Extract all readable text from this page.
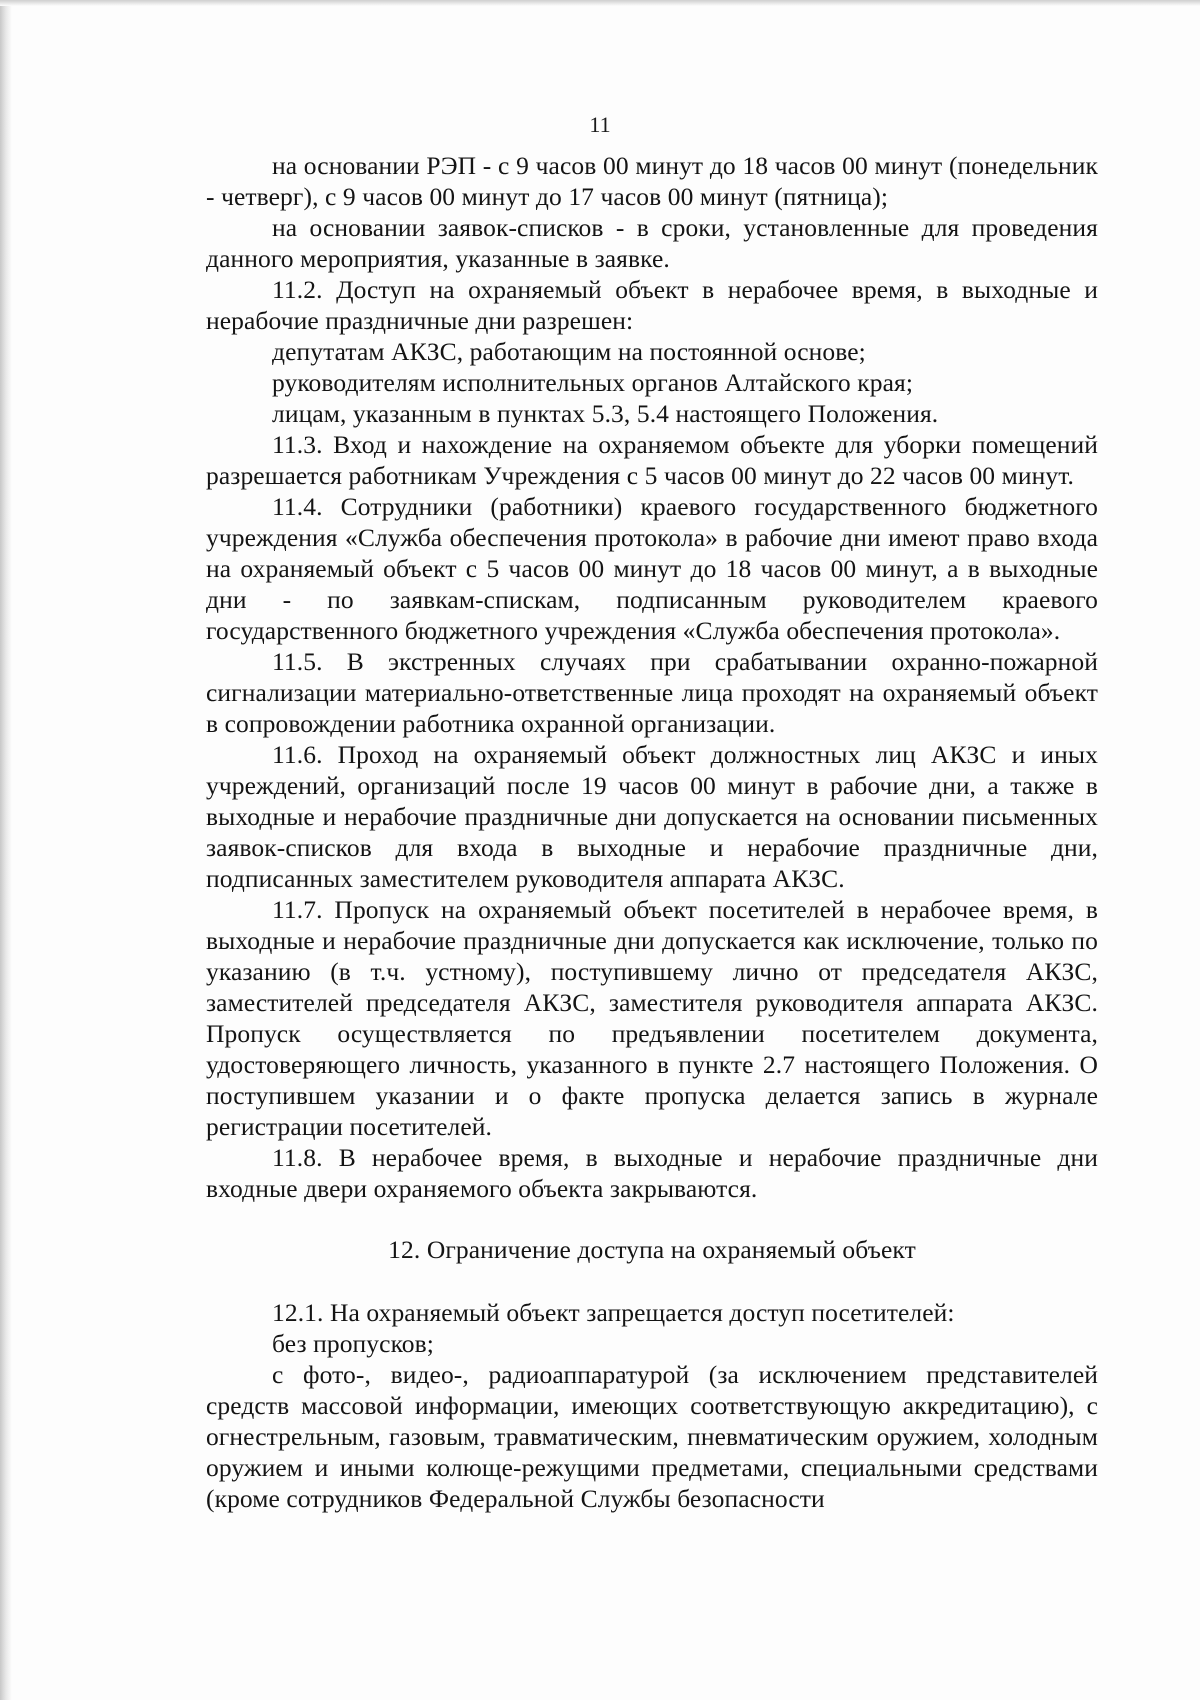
11

на основании РЭП - с 9 часов 00 минут до 18 часов 00 минут (понедельник - четверг), с 9 часов 00 минут до 17 часов 00 минут (пятница);

на основании заявок-списков - в сроки, установленные для проведения данного мероприятия, указанные в заявке.

11.2. Доступ на охраняемый объект в нерабочее время, в выходные и нерабочие праздничные дни разрешен:

депутатам АКЗС, работающим на постоянной основе;

руководителям исполнительных органов Алтайского края;

лицам, указанным в пунктах 5.3, 5.4 настоящего Положения.

11.3. Вход и нахождение на охраняемом объекте для уборки помещений разрешается работникам Учреждения с 5 часов 00 минут до 22 часов 00 минут.

11.4. Сотрудники (работники) краевого государственного бюджетного учреждения «Служба обеспечения протокола» в рабочие дни имеют право входа на охраняемый объект с 5 часов 00 минут до 18 часов 00 минут, а в выходные дни - по заявкам-спискам, подписанным руководителем краевого государственного бюджетного учреждения «Служба обеспечения протокола».

11.5. В экстренных случаях при срабатывании охранно-пожарной сигнализации материально-ответственные лица проходят на охраняемый объект в сопровождении работника охранной организации.

11.6. Проход на охраняемый объект должностных лиц АКЗС и иных учреждений, организаций после 19 часов 00 минут в рабочие дни, а также в выходные и нерабочие праздничные дни допускается на основании письменных заявок-списков для входа в выходные и нерабочие праздничные дни, подписанных заместителем руководителя аппарата АКЗС.

11.7. Пропуск на охраняемый объект посетителей в нерабочее время, в выходные и нерабочие праздничные дни допускается как исключение, только по указанию (в т.ч. устному), поступившему лично от председателя АКЗС, заместителей председателя АКЗС, заместителя руководителя аппарата АКЗС. Пропуск осуществляется по предъявлении посетителем документа, удостоверяющего личность, указанного в пункте 2.7 настоящего Положения. О поступившем указании и о факте пропуска делается запись в журнале регистрации посетителей.

11.8. В нерабочее время, в выходные и нерабочие праздничные дни входные двери охраняемого объекта закрываются.

12. Ограничение доступа на охраняемый объект

12.1. На охраняемый объект запрещается доступ посетителей:

без пропусков;

с фото-, видео-, радиоаппаратурой (за исключением представителей средств массовой информации, имеющих соответствующую аккредитацию), с огнестрельным, газовым, травматическим, пневматическим оружием, холодным оружием и иными колюще-режущими предметами, специальными средствами (кроме сотрудников Федеральной Службы безопасности
